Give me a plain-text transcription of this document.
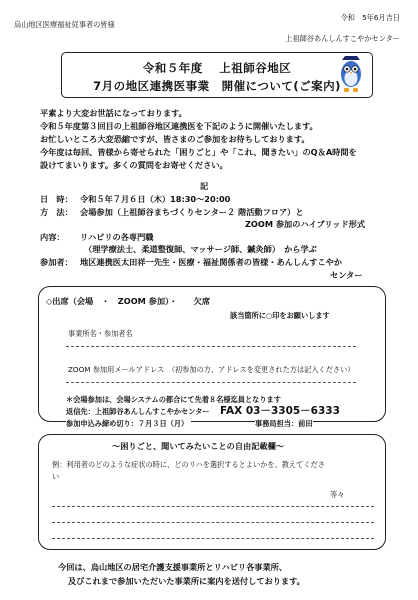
烏山地区医療福祉従事者の皆様
令和　5年6月吉日
上祖師谷あんしんすこやかセンター
令和５年度　 上祖師谷地区
7月の地区連携医事業　開催について(ご案内)
平素より大変お世話になっております。
令和５年度第３回目の上祖師谷地区連携医を下記のように開催いたします。
お忙しいところ大変恐縮ですが、皆さまのご参加をお待ちしております。
今年度は毎回、皆様から寄せられた「困りごと」や「これ、聞きたい」のQ＆A時間を
設けてまいります。多くの質問をお寄せください。
記
日　時： 令和５年７月６日（木）18:30～20:00
方　法： 会場参加（上祖師谷まちづくりセンター２ 階活動フロア）と
ZOOM 参加のハイブリッド形式
内容： リハビリの各専門職
（理学療法士、柔道整復師、マッサージ師、鍼灸師）　から学ぶ
参加者： 地区連携医太田祥一先生・医療・福祉関係者の皆様・あんしんすこやか
センター
◇出席（会場　・　ZOOM 参加）・　　欠席
該当箇所に○印をお願いします
事業所名・参加者名
ZOOM 参加用メールアドレス　（初参加の方、アドレスを変更された方は記入ください）
＊会場参加は、会場システムの都合にて先着８名様迄員となります
返信先：上祖師谷あんしんすこやかセンター FAX 03－3305－6333
参加申込み締め切り：７月３日（月）	事務局担当：前田
～困りごと、聞いてみたいことの自由記載欄～
例：利用者のどのような症状の時に、どのリハを選択するとよいかを、教えてくださ
い
等々
今回は、烏山地区の居宅介護支援事業所とリハビリ各事業所、
及びこれまで参加いただいた事業所に案内を送付しております。
